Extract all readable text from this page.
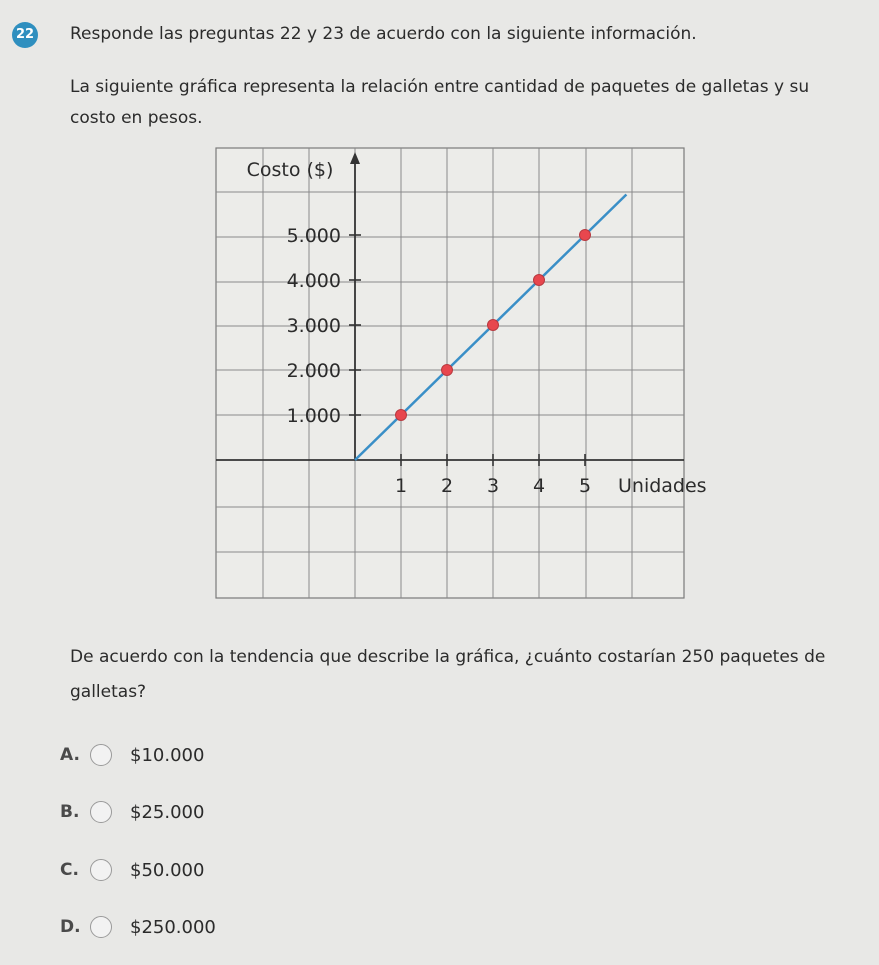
22 Responde las preguntas 22 y 23 de acuerdo con la siguiente información.
La siguiente gráfica representa la relación entre cantidad de paquetes de galletas y su costo en pesos.
1.000
2.000
3.000
4.000
5.000
1 2 3 4 5
Costo ($)
Unidades
De acuerdo con la tendencia que describe la gráfica, ¿cuánto costarían 250 paquetes de galletas?
A.	$10.000
B.	$25.000
C.	$50.000
D.	$250.000
